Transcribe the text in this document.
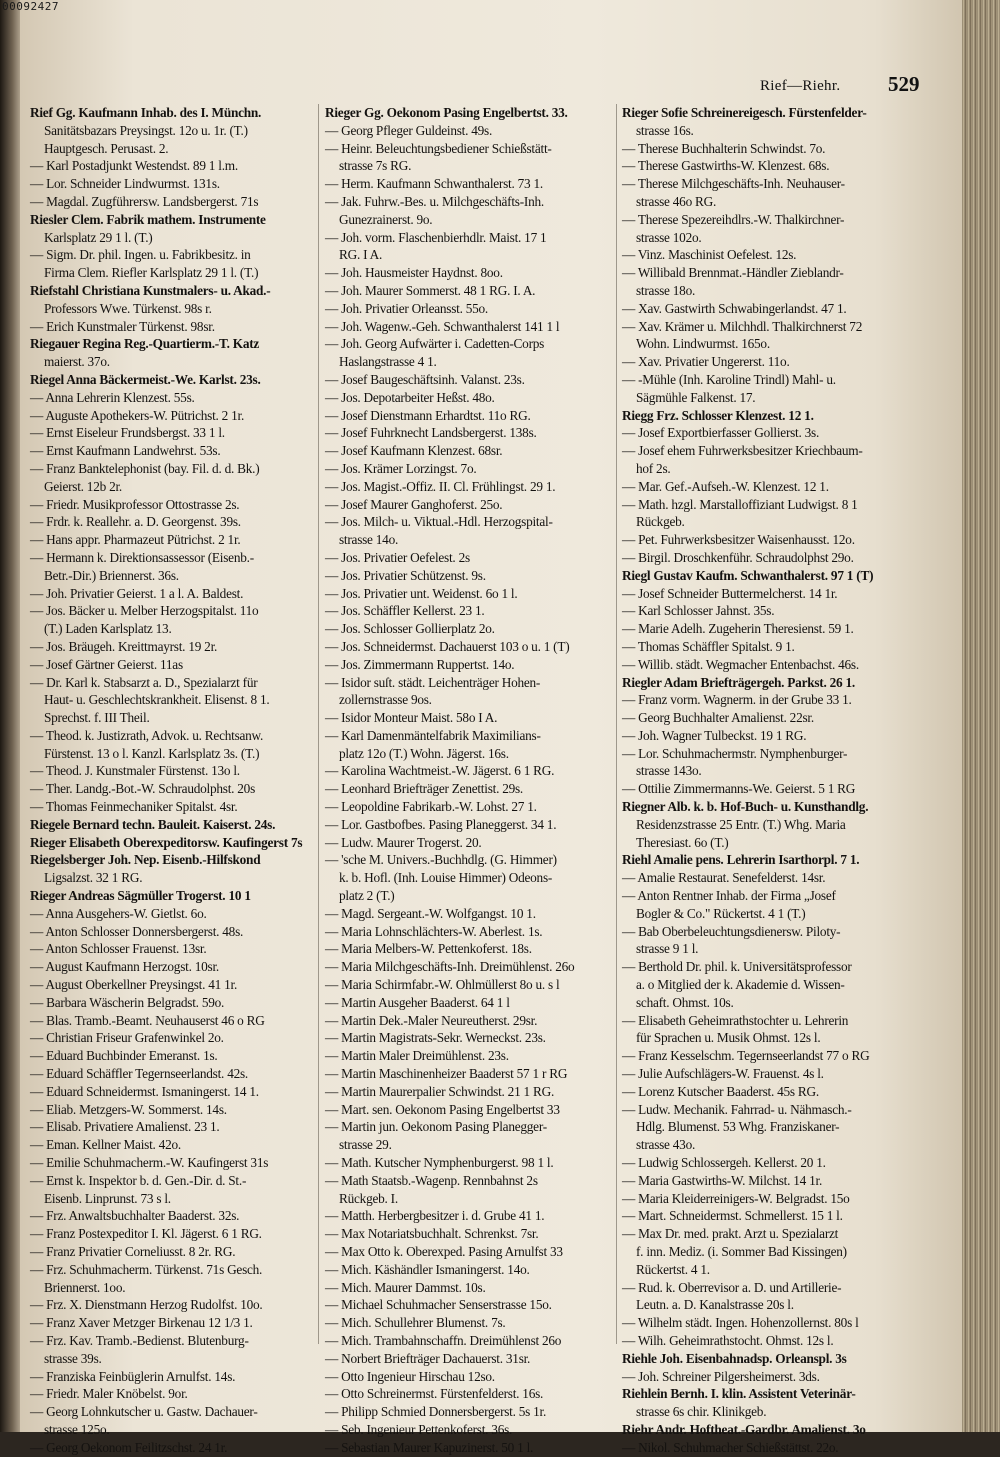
00092427
Rief—Riehr. 529
Rief Gg. Kaufmann Inhab. des I. Münchn.
Sanitätsbazars Preysingst. 12o u. 1r. (T.)
Hauptgesch. Perusast. 2.
— Karl Postadjunkt Westendst. 89 1 l.m.
— Lor. Schneider Lindwurmst. 131s.
— Magdal. Zugführersw. Landsbergerst. 71s
Riesler Clem. Fabrik mathem. Instrumente
Karlsplatz 29 1 l. (T.)
— Sigm. Dr. phil. Ingen. u. Fabrikbesitz. in
Firma Clem. Riefler Karlsplatz 29 1 l. (T.)
Riefstahl Christiana Kunstmalers- u. Akad.-
Professors Wwe. Türkenst. 98s r.
— Erich Kunstmaler Türkenst. 98sr.
Riegauer Regina Reg.-Quartierm.-T. Katz
maierst. 37o.
Riegel Anna Bäckermeist.-We. Karlst. 23s.
— Anna Lehrerin Klenzest. 55s.
— Auguste Apothekers-W. Pütrichst. 2 1r.
— Ernst Eiseleur Frundsbergst. 33 1 l.
— Ernst Kaufmann Landwehrst. 53s.
— Franz Banktelephonist (bay. Fil. d. d. Bk.)
Geierst. 12b 2r.
— Friedr. Musikprofessor Ottostrasse 2s.
— Frdr. k. Reallehr. a. D. Georgenst. 39s.
— Hans appr. Pharmazeut Pütrichst. 2 1r.
— Hermann k. Direktionsassessor (Eisenb.-
Betr.-Dir.) Briennerst. 36s.
— Joh. Privatier Geierst. 1 a l. A. Baldest.
— Jos. Bäcker u. Melber Herzogspitalst. 11o
(T.) Laden Karlsplatz 13.
— Jos. Bräugeh. Kreittmayrst. 19 2r.
— Josef Gärtner Geierst. 11as
— Dr. Karl k. Stabsarzt a. D., Spezialarzt für
Haut- u. Geschlechtskrankheit. Elisenst. 8 1.
Sprechst. f. III Theil.
— Theod. k. Justizrath, Advok. u. Rechtsanw.
Fürstenst. 13 o l. Kanzl. Karlsplatz 3s. (T.)
— Theod. J. Kunstmaler Fürstenst. 13o l.
— Ther. Landg.-Bot.-W. Schraudolphst. 20s
— Thomas Feinmechaniker Spitalst. 4sr.
Riegele Bernard techn. Bauleit. Kaiserst. 24s.
Rieger Elisabeth Oberexpeditorsw. Kaufingerst 7s
Riegelsberger Joh. Nep. Eisenb.-Hilfskond
Ligsalzst. 32 1 RG.
Rieger Andreas Sägmüller Trogerst. 10 1
— Anna Ausgehers-W. Gietlst. 6o.
— Anton Schlosser Donnersbergerst. 48s.
— Anton Schlosser Frauenst. 13sr.
— August Kaufmann Herzogst. 10sr.
— August Oberkellner Preysingst. 41 1r.
— Barbara Wäscherin Belgradst. 59o.
— Blas. Tramb.-Beamt. Neuhauserst 46 o RG
— Christian Friseur Grafenwinkel 2o.
— Eduard Buchbinder Emeranst. 1s.
— Eduard Schäffler Tegernseerlandst. 42s.
— Eduard Schneidermst. Ismaningerst. 14 1.
— Eliab. Metzgers-W. Sommerst. 14s.
— Elisab. Privatiere Amalienst. 23 1.
— Eman. Kellner Maist. 42o.
— Emilie Schuhmacherm.-W. Kaufingerst 31s
— Ernst k. Inspektor b. d. Gen.-Dir. d. St.-
Eisenb. Linprunst. 73 s l.
— Frz. Anwaltsbuchhalter Baaderst. 32s.
— Franz Postexpeditor I. Kl. Jägerst. 6 1 RG.
— Franz Privatier Corneliusst. 8 2r. RG.
— Frz. Schuhmacherm. Türkenst. 71s Gesch.
Briennerst. 1oo.
— Frz. X. Dienstmann Herzog Rudolfst. 10o.
— Franz Xaver Metzger Birkenau 12 1/3 1.
— Frz. Kav. Tramb.-Bedienst. Blutenburg-
strasse 39s.
— Franziska Feinbüglerin Arnulfst. 14s.
— Friedr. Maler Knöbelst. 9or.
— Georg Lohnkutscher u. Gastw. Dachauer-
strasse 125o.
— Georg Oekonom Feilitzschst. 24 1r.
Rieger Gg. Oekonom Pasing Engelbertst. 33.
— Georg Pfleger Guldeinst. 49s.
— Heinr. Beleuchtungsbediener Schießstätt-
strasse 7s RG.
— Herm. Kaufmann Schwanthalerst. 73 1.
— Jak. Fuhrw.-Bes. u. Milchgeschäfts-Inh.
Gunezrainerst. 9o.
— Joh. vorm. Flaschenbierhdlr. Maist. 17 1
RG. I A.
— Joh. Hausmeister Haydnst. 8oo.
— Joh. Maurer Sommerst. 48 1 RG. I. A.
— Joh. Privatier Orleansst. 55o.
— Joh. Wagenw.-Geh. Schwanthalerst 141 1 l
— Joh. Georg Aufwärter i. Cadetten-Corps
Haslangstrasse 4 1.
— Josef Baugeschäftsinh. Valanst. 23s.
— Jos. Depotarbeiter Heßst. 48o.
— Josef Dienstmann Erhardtst. 11o RG.
— Josef Fuhrknecht Landsbergerst. 138s.
— Josef Kaufmann Klenzest. 68sr.
— Jos. Krämer Lorzingst. 7o.
— Jos. Magist.-Offiz. II. Cl. Frühlingst. 29 1.
— Josef Maurer Ganghoferst. 25o.
— Jos. Milch- u. Viktual.-Hdl. Herzogspital-
strasse 14o.
— Jos. Privatier Oefelest. 2s
— Jos. Privatier Schützenst. 9s.
— Jos. Privatier unt. Weidenst. 6o 1 l.
— Jos. Schäffler Kellerst. 23 1.
— Jos. Schlosser Gollierplatz 2o.
— Jos. Schneidermst. Dachauerst 103 o u. 1 (T)
— Jos. Zimmermann Ruppertst. 14o.
— Isidor suſt. städt. Leichenträger Hohen-
zollernstrasse 9os.
— Isidor Monteur Maist. 58o I A.
— Karl Damenmäntelfabrik Maximilians-
platz 12o (T.) Wohn. Jägerst. 16s.
— Karolina Wachtmeist.-W. Jägerst. 6 1 RG.
— Leonhard Briefträger Zenettist. 29s.
— Leopoldine Fabrikarb.-W. Lohst. 27 1.
— Lor. Gastbofbes. Pasing Planeggerst. 34 1.
— Ludw. Maurer Trogerst. 20.
— 'sche M. Univers.-Buchhdlg. (G. Himmer)
k. b. Hofl. (Inh. Louise Himmer) Odeons-
platz 2 (T.)
— Magd. Sergeant.-W. Wolfgangst. 10 1.
— Maria Lohnschlächters-W. Aberlest. 1s.
— Maria Melbers-W. Pettenkoferst. 18s.
— Maria Milchgeschäfts-Inh. Dreimühlenst. 26o
— Maria Schirmfabr.-W. Ohlmüllerst 8o u. s l
— Martin Ausgeher Baaderst. 64 1 l
— Martin Dek.-Maler Neureutherst. 29sr.
— Martin Magistrats-Sekr. Werneckst. 23s.
— Martin Maler Dreimühlenst. 23s.
— Martin Maschinenheizer Baaderst 57 1 r RG
— Martin Maurerpalier Schwindst. 21 1 RG.
— Mart. sen. Oekonom Pasing Engelbertst 33
— Martin jun. Oekonom Pasing Planegger-
strasse 29.
— Math. Kutscher Nymphenburgerst. 98 1 l.
— Math Staatsb.-Wagenp. Rennbahnst 2s
Rückgeb. I.
— Matth. Herbergbesitzer i. d. Grube 41 1.
— Max Notariatsbuchhalt. Schrenkst. 7sr.
— Max Otto k. Oberexped. Pasing Arnulfst 33
— Mich. Käshändler Ismaningerst. 14o.
— Mich. Maurer Dammst. 10s.
— Michael Schuhmacher Senserstrasse 15o.
— Mich. Schullehrer Blumenst. 7s.
— Mich. Trambahnschaffn. Dreimühlenst 26o
— Norbert Briefträger Dachauerst. 31sr.
— Otto Ingenieur Hirschau 12so.
— Otto Schreinermst. Fürstenfelderst. 16s.
— Philipp Schmied Donnersbergerst. 5s 1r.
— Seb. Ingenieur Pettenkoferst. 36s.
— Sebastian Maurer Kapuzinerst. 50 1 l.
Rieger Sofie Schreinereigesch. Fürstenfelder-
strasse 16s.
— Therese Buchhalterin Schwindst. 7o.
— Therese Gastwirths-W. Klenzest. 68s.
— Therese Milchgeschäfts-Inh. Neuhauser-
strasse 46o RG.
— Therese Spezereihdlrs.-W. Thalkirchner-
strasse 102o.
— Vinz. Maschinist Oefelest. 12s.
— Willibald Brennmat.-Händler Zieblandr-
strasse 18o.
— Xav. Gastwirth Schwabingerlandst. 47 1.
— Xav. Krämer u. Milchhdl. Thalkirchnerst 72
Wohn. Lindwurmst. 165o.
— Xav. Privatier Ungererst. 11o.
— -Mühle (Inh. Karoline Trindl) Mahl- u.
Sägmühle Falkenst. 17.
Riegg Frz. Schlosser Klenzest. 12 1.
— Josef Exportbierfasser Gollierst. 3s.
— Josef ehem Fuhrwerksbesitzer Kriechbaum-
hof 2s.
— Mar. Gef.-Aufseh.-W. Klenzest. 12 1.
— Math. hzgl. Marstalloffiziant Ludwigst. 8 1
Rückgeb.
— Pet. Fuhrwerksbesitzer Waisenhausst. 12o.
— Birgil. Droschkenführ. Schraudolphst 29o.
Riegl Gustav Kaufm. Schwanthalerst. 97 1 (T)
— Josef Schneider Buttermelcherst. 14 1r.
— Karl Schlosser Jahnst. 35s.
— Marie Adelh. Zugeherin Theresienst. 59 1.
— Thomas Schäffler Spitalst. 9 1.
— Willib. städt. Wegmacher Entenbachst. 46s.
Riegler Adam Briefträgergeh. Parkst. 26 1.
— Franz vorm. Wagnerm. in der Grube 33 1.
— Georg Buchhalter Amalienst. 22sr.
— Joh. Wagner Tulbeckst. 19 1 RG.
— Lor. Schuhmachermstr. Nymphenburger-
strasse 143o.
— Ottilie Zimmermanns-We. Geierst. 5 1 RG
Riegner Alb. k. b. Hof-Buch- u. Kunsthandlg.
Residenzstrasse 25 Entr. (T.) Whg. Maria
Theresiast. 6o (T.)
Riehl Amalie pens. Lehrerin Isarthorpl. 7 1.
— Amalie Restaurat. Senefelderst. 14sr.
— Anton Rentner Inhab. der Firma „Josef
Bogler & Co." Rückertst. 4 1 (T.)
— Bab Oberbeleuchtungsdienersw. Piloty-
strasse 9 1 l.
— Berthold Dr. phil. k. Universitätsprofessor
a. o Mitglied der k. Akademie d. Wissen-
schaft. Ohmst. 10s.
— Elisabeth Geheimrathstochter u. Lehrerin
für Sprachen u. Musik Ohmst. 12s l.
— Franz Kesselschm. Tegernseerlandst 77 o RG
— Julie Aufschlägers-W. Frauenst. 4s l.
— Lorenz Kutscher Baaderst. 45s RG.
— Ludw. Mechanik. Fahrrad- u. Nähmasch.-
Hdlg. Blumenst. 53 Whg. Franziskaner-
strasse 43o.
— Ludwig Schlossergeh. Kellerst. 20 1.
— Maria Gastwirths-W. Milchst. 14 1r.
— Maria Kleiderreinigers-W. Belgradst. 15o
— Mart. Schneidermst. Schmellerst. 15 1 l.
— Max Dr. med. prakt. Arzt u. Spezialarzt
f. inn. Mediz. (i. Sommer Bad Kissingen)
Rückertst. 4 1.
— Rud. k. Oberrevisor a. D. und Artillerie-
Leutn. a. D. Kanalstrasse 20s l.
— Wilhelm städt. Ingen. Hohenzollernst. 80s l
— Wilh. Geheimrathstocht. Ohmst. 12s l.
Riehle Joh. Eisenbahnadsp. Orleanspl. 3s
— Joh. Schreiner Pilgersheimerst. 3ds.
Riehlein Bernh. I. klin. Assistent Veterinär-
strasse 6s chir. Klinikgeb.
Riehr Andr. Hoftheat.-Gardbr. Amalienst. 3o
— Nikol. Schuhmacher Schießstättst. 22o.
